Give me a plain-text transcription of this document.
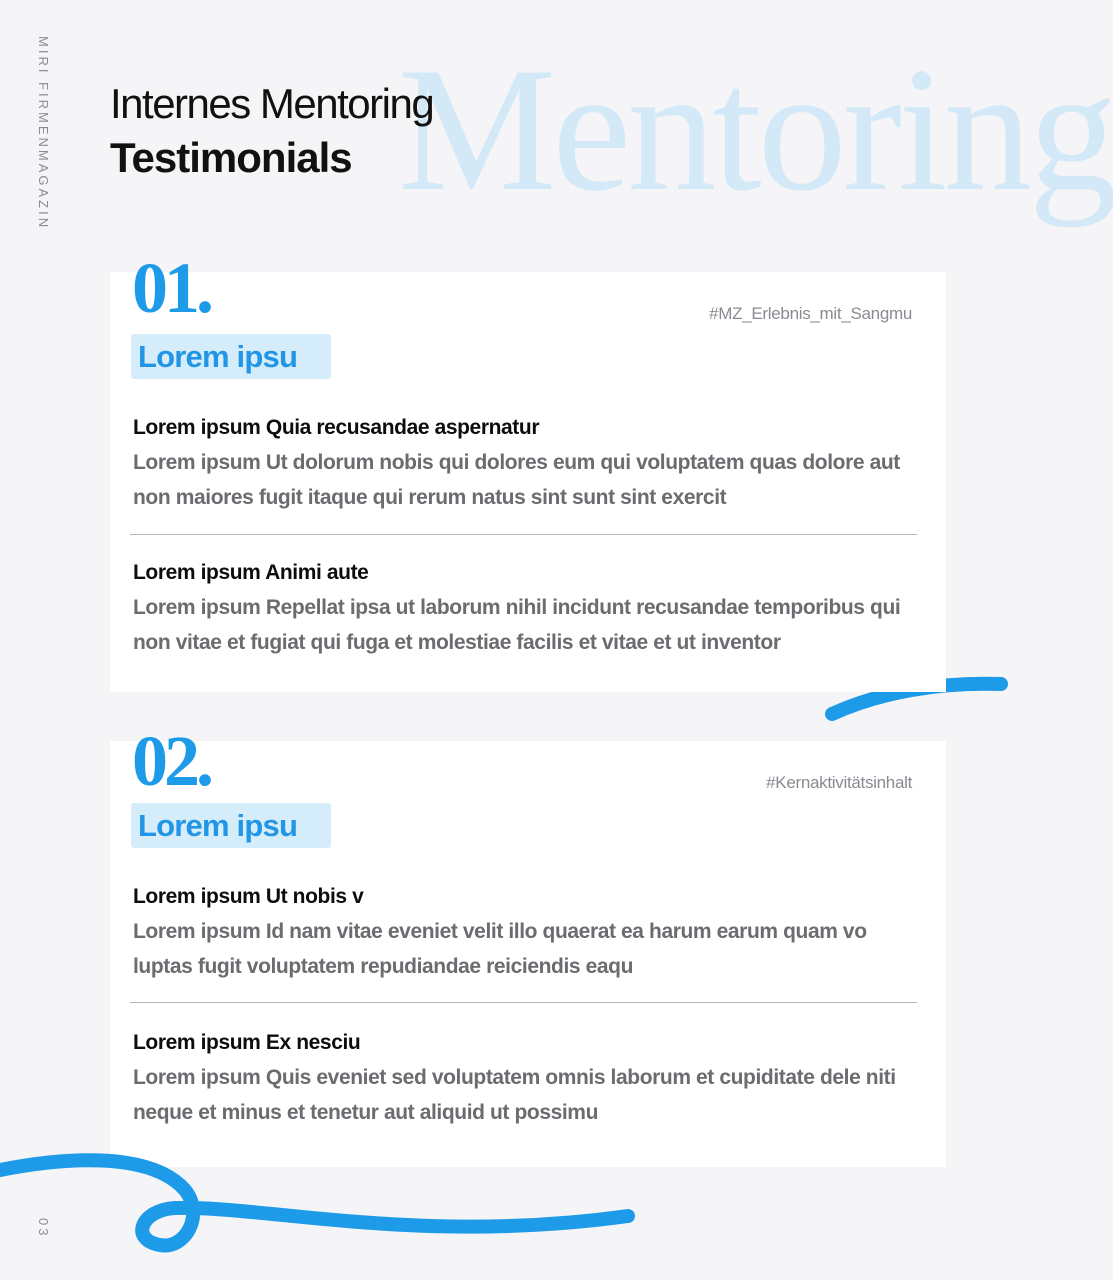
MIRI FIRMENMAGAZIN
03
Mentoring
Internes Mentoring
Testimonials
01.	#MZ_Erlebnis_mit_Sangmu
Lorem ipsu
Lorem ipsum Quia recusandae aspernatur
Lorem ipsum Ut dolorum nobis qui dolores eum qui voluptatem quas dolore aut non maiores fugit itaque qui rerum natus sint sunt sint exercit
Lorem ipsum Animi aute
Lorem ipsum Repellat ipsa ut laborum nihil incidunt recusandae temporibus qui non vitae et fugiat qui fuga et molestiae facilis et vitae et ut inventor
02.	#Kernaktivitätsinhalt
Lorem ipsu
Lorem ipsum Ut nobis v
Lorem ipsum Id nam vitae eveniet velit illo quaerat ea harum earum quam vo luptas fugit voluptatem repudiandae reiciendis eaqu
Lorem ipsum Ex nesciu
Lorem ipsum Quis eveniet sed voluptatem omnis laborum et cupiditate dele niti neque et minus et tenetur aut aliquid ut possimu
